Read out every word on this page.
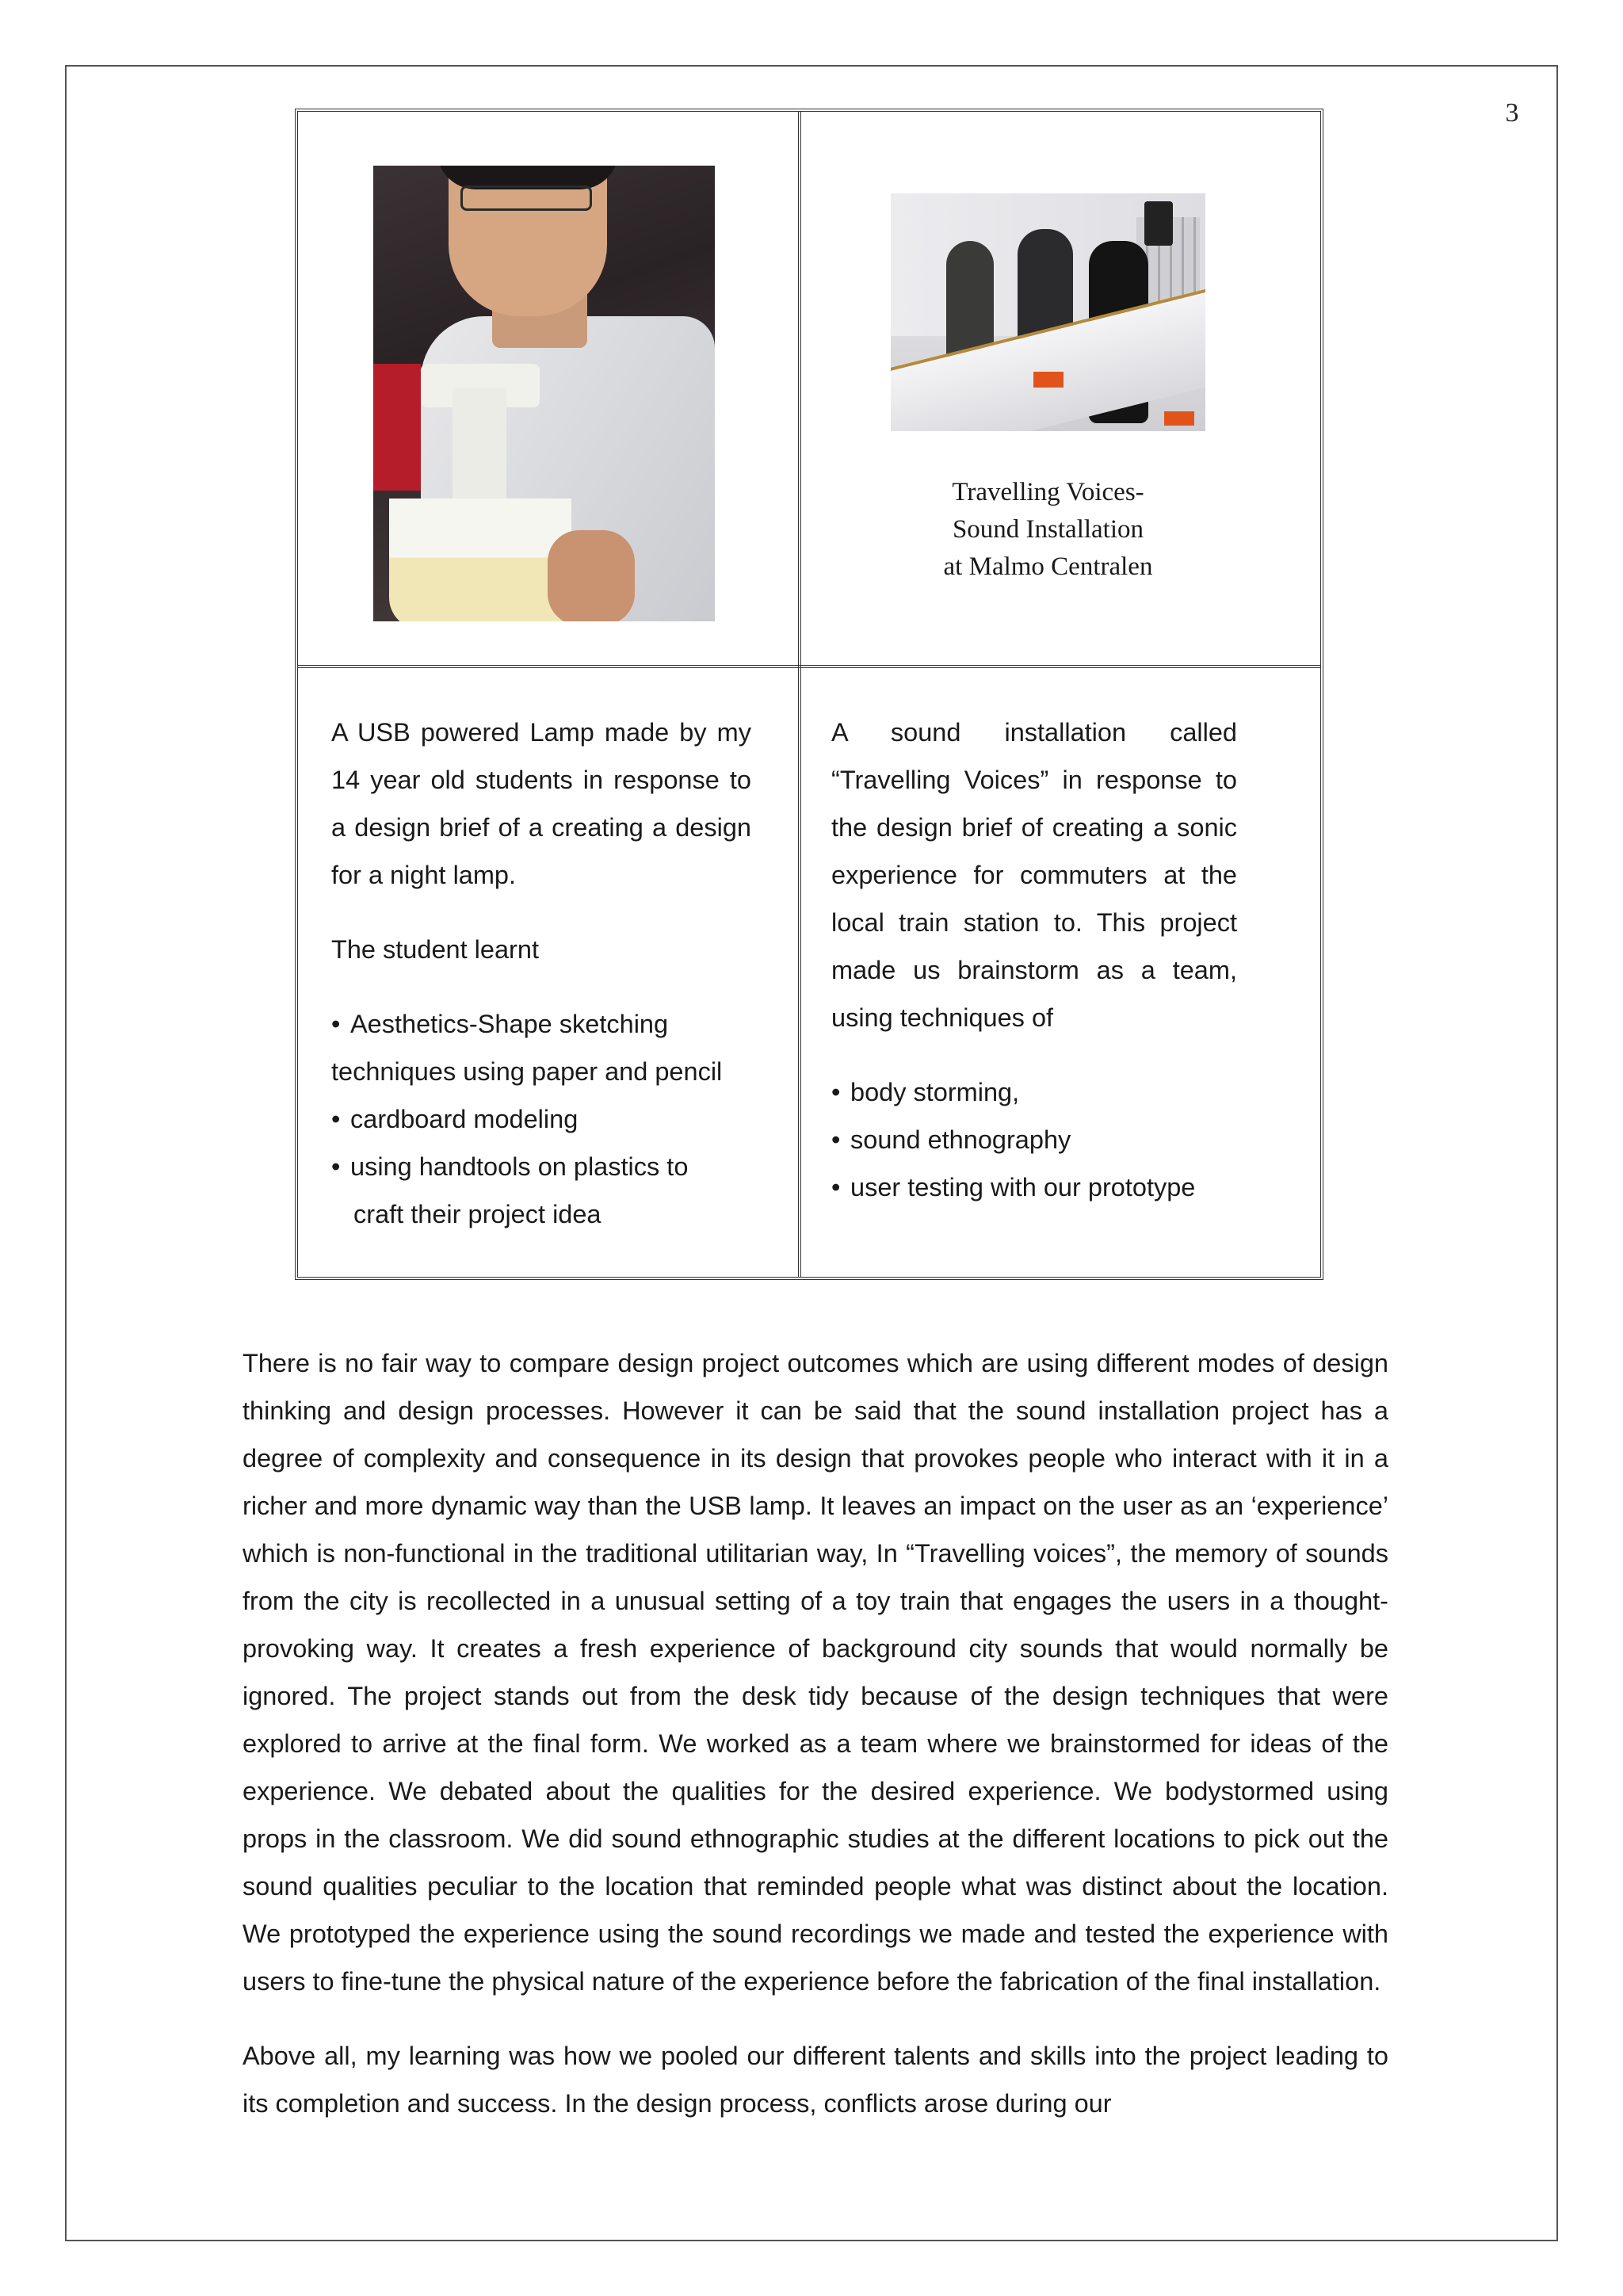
3
Travelling Voices-
Sound Installation
at Malmo Centralen

A USB powered Lamp made by my 14 year old students in response to a design brief of a creating a design for a night lamp.

The student learnt

• Aesthetics-Shape sketching
techniques using paper and pencil
• cardboard modeling
• using handtools on plastics to
craft their project idea

A sound installation called “Travelling Voices” in response to the design brief of creating a sonic experience for commuters at the local train station to. This project made us brainstorm as a team, using techniques of

• body storming,
• sound ethnography
• user testing with our prototype

There is no fair way to compare design project outcomes which are using different modes of design thinking and design processes. However it can be said that the sound installation project has a degree of complexity and consequence in its design that provokes people who interact with it in a richer and more dynamic way than the USB lamp. It leaves an impact on the user as an ‘experience’ which is non-functional in the traditional utilitarian way, In “Travelling voices”, the memory of sounds from the city is recollected in a unusual setting of a toy train that engages the users in a thought-provoking way. It creates a fresh experience of background city sounds that would normally be ignored. The project stands out from the desk tidy because of the design techniques that were explored to arrive at the final form. We worked as a team where we brainstormed for ideas of the experience. We debated about the qualities for the desired experience. We bodystormed using props in the classroom. We did sound ethnographic studies at the different locations to pick out the sound qualities peculiar to the location that reminded people what was distinct about the location. We prototyped the experience using the sound recordings we made and tested the experience with users to fine-tune the physical nature of the experience before the fabrication of the final installation.

Above all, my learning was how we pooled our different talents and skills into the project leading to its completion and success. In the design process, conflicts arose during our
